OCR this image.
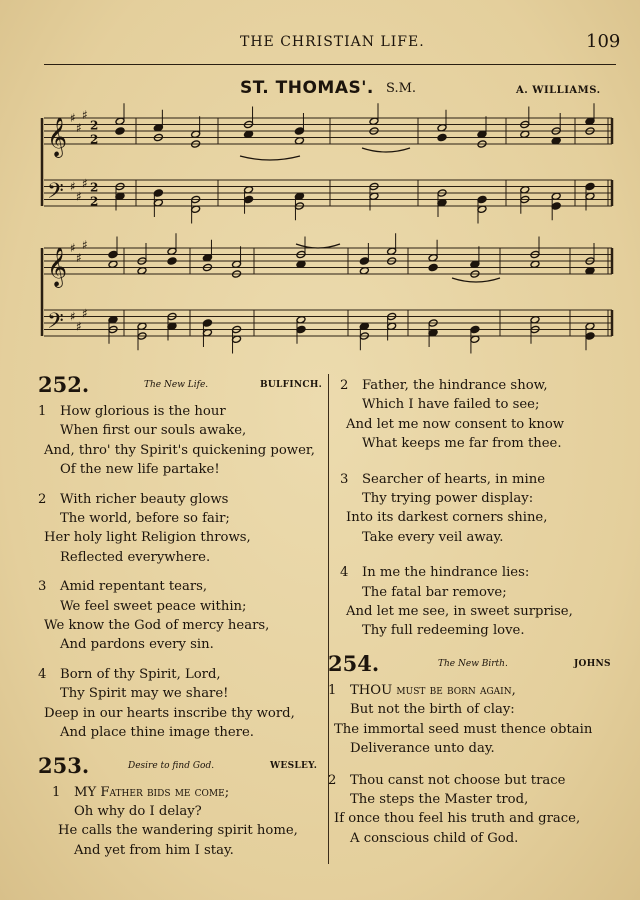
THE CHRISTIAN LIFE.	109
ST. THOMAS'. S.M.	A. WILLIAMS.
𝄞 ♯
♯
♯
2
2
𝄢 ♯
♯
♯ 2
2
𝄞 ♯
♯
♯
𝄢 ♯
♯
♯
252.	The New Life.	BULFINCH.
1 How glorious is the hour
When first our souls awake,
And, thro' thy Spirit's quickening power,
Of the new life partake!
2 With richer beauty glows
The world, before so fair;
Her holy light Religion throws,
Reflected everywhere.
3 Amid repentant tears,
We feel sweet peace within;
We know the God of mercy hears,
And pardons every sin.
4 Born of thy Spirit, Lord,
Thy Spirit may we share!
Deep in our hearts inscribe thy word,
And place thine image there.
253.	Desire to find God.	WESLEY.
1 MY Father bids me come;
Oh why do I delay?
He calls the wandering spirit home,
And yet from him I stay.
2 Father, the hindrance show,
Which I have failed to see;
And let me now consent to know
What keeps me far from thee.
3 Searcher of hearts, in mine
Thy trying power display:
Into its darkest corners shine,
Take every veil away.
4 In me the hindrance lies:
The fatal bar remove;
And let me see, in sweet surprise,
Thy full redeeming love.
254.	The New Birth.	JOHNS
1 THOU must be born again,
But not the birth of clay:
The immortal seed must thence obtain
Deliverance unto day.
2 Thou canst not choose but trace
The steps the Master trod,
If once thou feel his truth and grace,
A conscious child of God.
